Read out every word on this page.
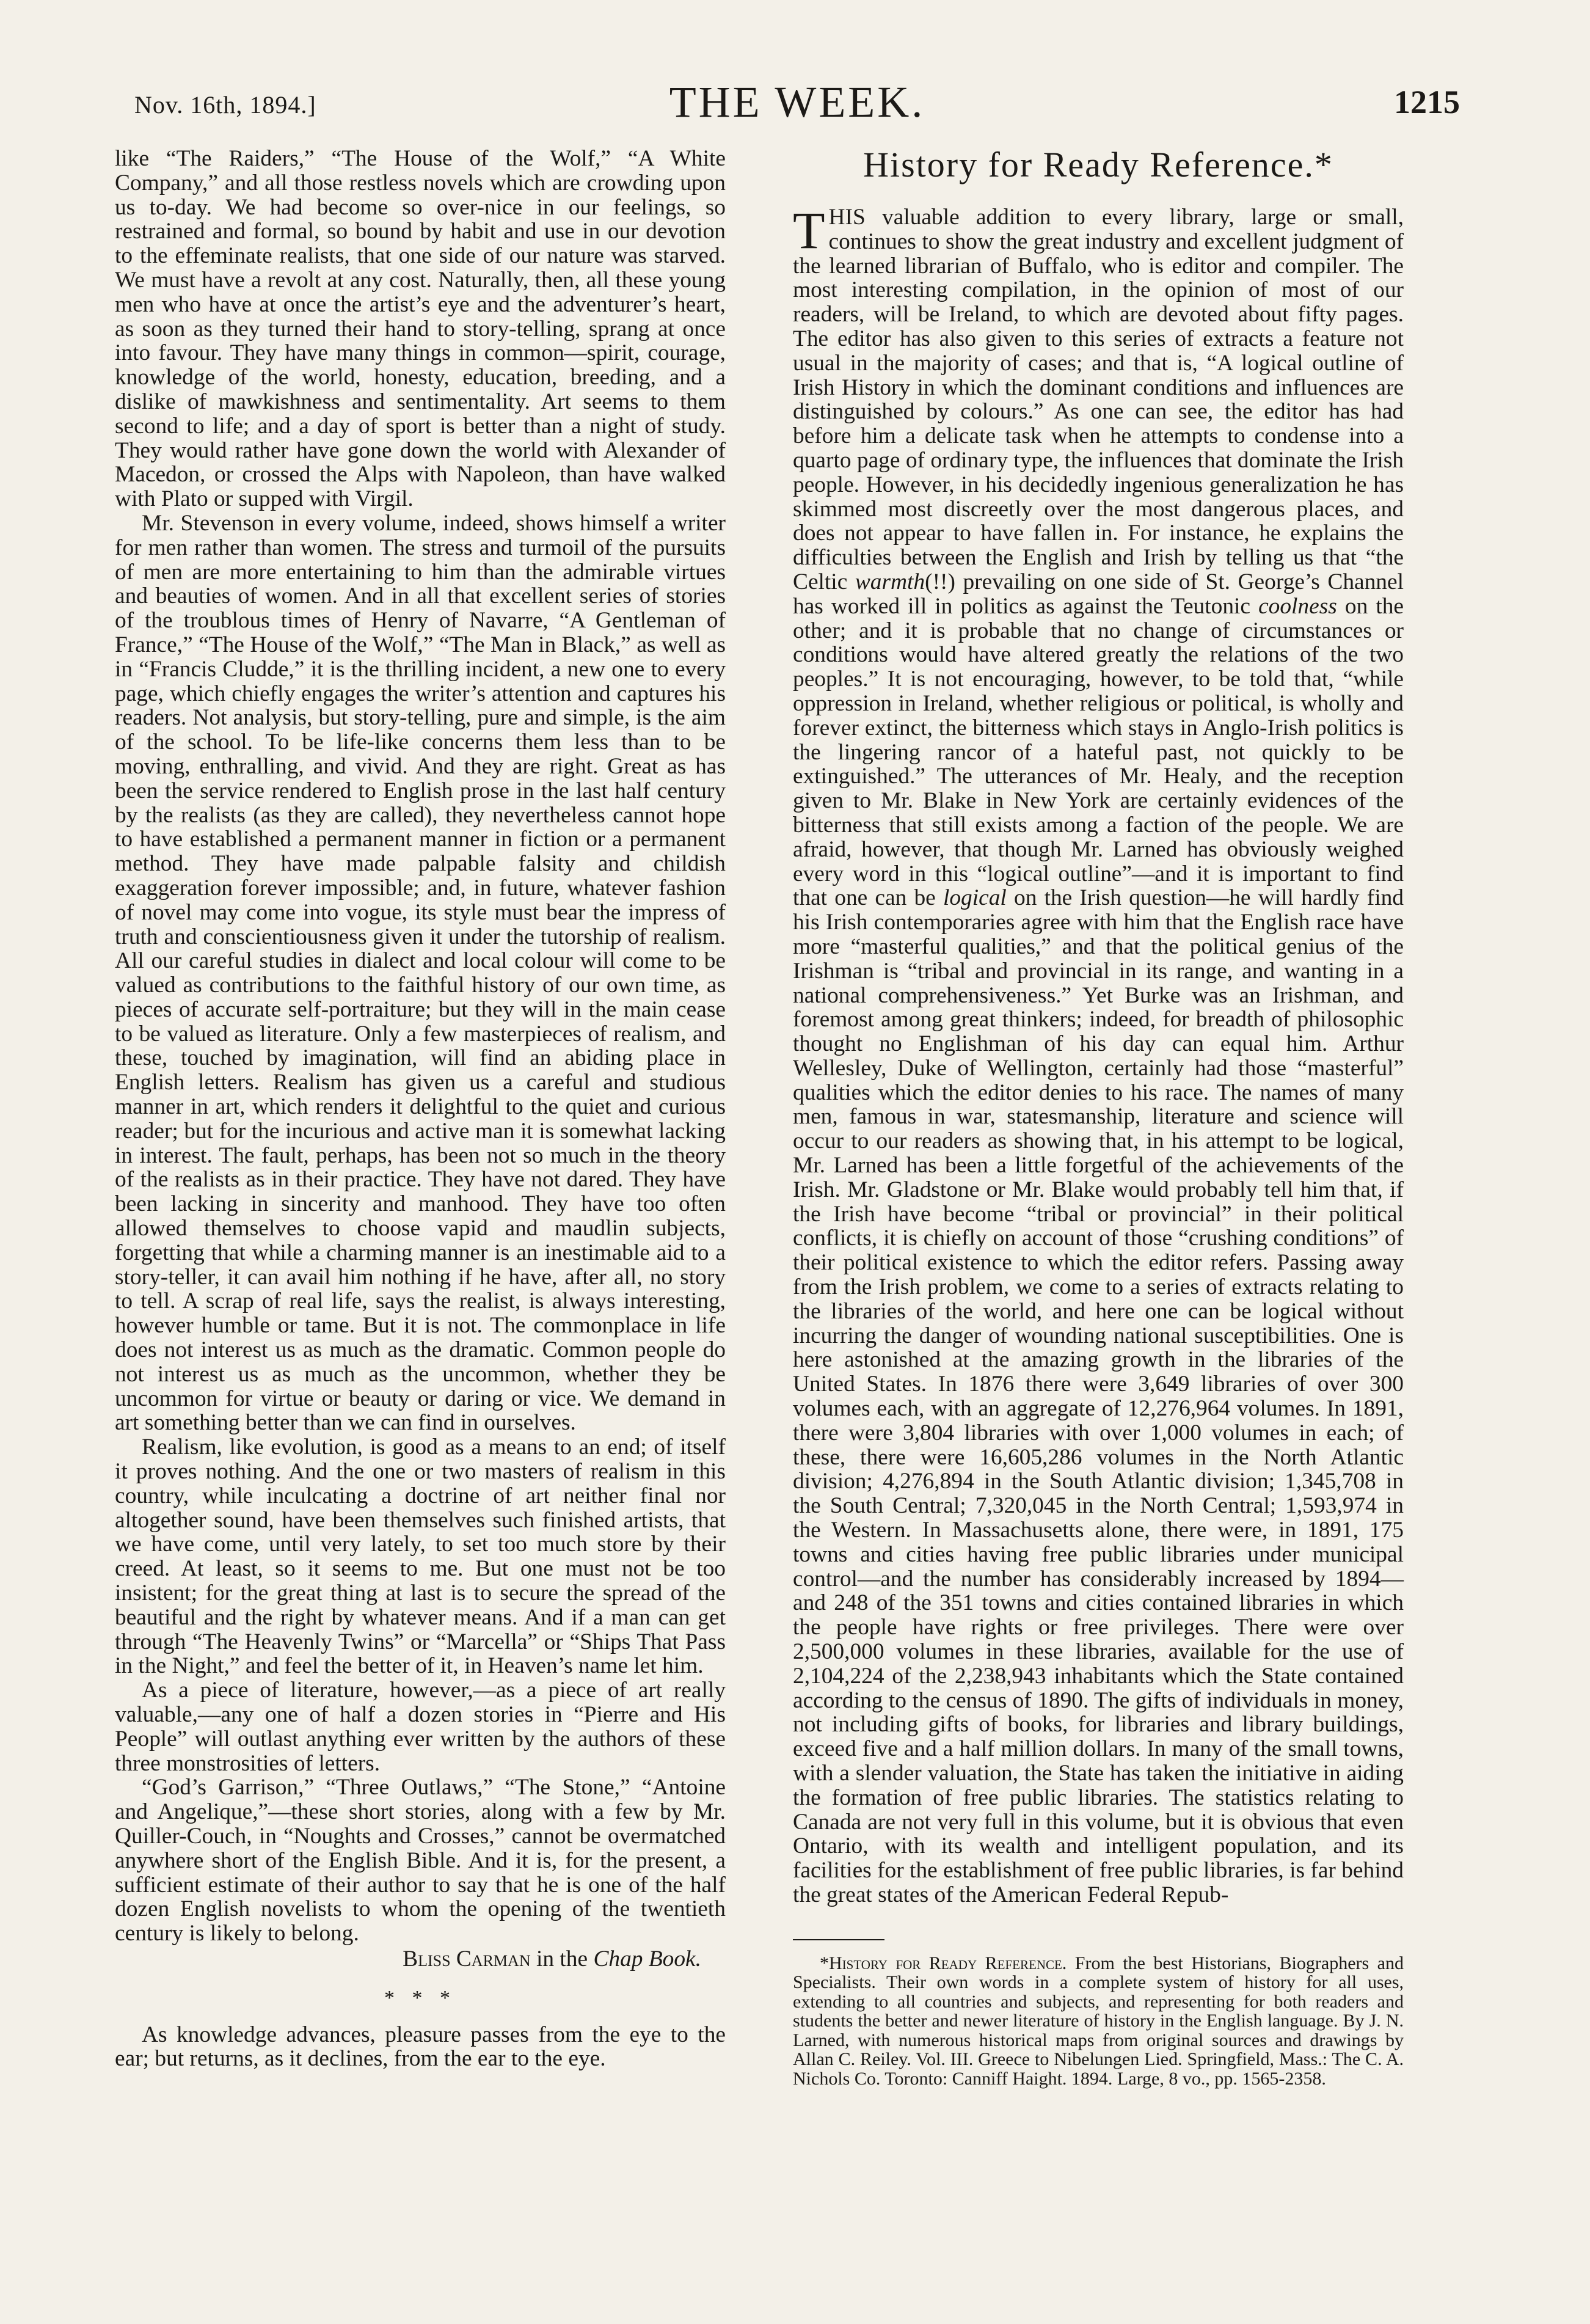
Nov. 16th, 1894.]	THE WEEK.	1215

like “The Raiders,” “The House of the Wolf,” “A White Company,” and all those restless novels which are crowding upon us to-day. We had become so over-nice in our feelings, so restrained and formal, so bound by habit and use in our devotion to the effeminate realists, that one side of our nature was starved. We must have a revolt at any cost. Naturally, then, all these young men who have at once the artist’s eye and the adventurer’s heart, as soon as they turned their hand to story-telling, sprang at once into favour. They have many things in common—spirit, courage, knowledge of the world, honesty, education, breeding, and a dislike of mawkishness and sentimentality. Art seems to them second to life; and a day of sport is better than a night of study. They would rather have gone down the world with Alexander of Macedon, or crossed the Alps with Napoleon, than have walked with Plato or supped with Virgil.

Mr. Stevenson in every volume, indeed, shows himself a writer for men rather than women. The stress and turmoil of the pursuits of men are more entertaining to him than the admirable virtues and beauties of women. And in all that excellent series of stories of the troublous times of Henry of Navarre, “A Gentleman of France,” “The House of the Wolf,” “The Man in Black,” as well as in “Francis Cludde,” it is the thrilling incident, a new one to every page, which chiefly engages the writer’s attention and captures his readers. Not analysis, but story-telling, pure and simple, is the aim of the school. To be life-like concerns them less than to be moving, enthralling, and vivid. And they are right. Great as has been the service rendered to English prose in the last half century by the realists (as they are called), they nevertheless cannot hope to have established a permanent manner in fiction or a permanent method. They have made palpable falsity and childish exaggeration forever impossible; and, in future, whatever fashion of novel may come into vogue, its style must bear the impress of truth and conscientiousness given it under the tutorship of realism. All our careful studies in dialect and local colour will come to be valued as contributions to the faithful history of our own time, as pieces of accurate self-portraiture; but they will in the main cease to be valued as literature. Only a few masterpieces of realism, and these, touched by imagination, will find an abiding place in English letters. Realism has given us a careful and studious manner in art, which renders it delightful to the quiet and curious reader; but for the incurious and active man it is somewhat lacking in interest. The fault, perhaps, has been not so much in the theory of the realists as in their practice. They have not dared. They have been lacking in sincerity and manhood. They have too often allowed themselves to choose vapid and maudlin subjects, forgetting that while a charming manner is an inestimable aid to a story-teller, it can avail him nothing if he have, after all, no story to tell. A scrap of real life, says the realist, is always interesting, however humble or tame. But it is not. The commonplace in life does not interest us as much as the dramatic. Common people do not interest us as much as the uncommon, whether they be uncommon for virtue or beauty or daring or vice. We demand in art something better than we can find in ourselves.

Realism, like evolution, is good as a means to an end; of itself it proves nothing. And the one or two masters of realism in this country, while inculcating a doctrine of art neither final nor altogether sound, have been themselves such finished artists, that we have come, until very lately, to set too much store by their creed. At least, so it seems to me. But one must not be too insistent; for the great thing at last is to secure the spread of the beautiful and the right by whatever means. And if a man can get through “The Heavenly Twins” or “Marcella” or “Ships That Pass in the Night,” and feel the better of it, in Heaven’s name let him.

As a piece of literature, however,—as a piece of art really valuable,—any one of half a dozen stories in “Pierre and His People” will outlast anything ever written by the authors of these three monstrosities of letters.

“God’s Garrison,” “Three Outlaws,” “The Stone,” “Antoine and Angelique,”—these short stories, along with a few by Mr. Quiller-Couch, in “Noughts and Crosses,” cannot be overmatched anywhere short of the English Bible. And it is, for the present, a sufficient estimate of their author to say that he is one of the half dozen English novelists to whom the opening of the twentieth century is likely to belong.

Bliss Carman in the Chap Book.

* * *

As knowledge advances, pleasure passes from the eye to the ear; but returns, as it declines, from the ear to the eye.

History for Ready Reference.*

THIS valuable addition to every library, large or small, continues to show the great industry and excellent judgment of the learned librarian of Buffalo, who is editor and compiler. The most interesting compilation, in the opinion of most of our readers, will be Ireland, to which are devoted about fifty pages. The editor has also given to this series of extracts a feature not usual in the majority of cases; and that is, “A logical outline of Irish History in which the dominant conditions and influences are distinguished by colours.” As one can see, the editor has had before him a delicate task when he attempts to condense into a quarto page of ordinary type, the influences that dominate the Irish people. However, in his decidedly ingenious generalization he has skimmed most discreetly over the most dangerous places, and does not appear to have fallen in. For instance, he explains the difficulties between the English and Irish by telling us that “the Celtic warmth(!!) prevailing on one side of St. George’s Channel has worked ill in politics as against the Teutonic coolness on the other; and it is probable that no change of circumstances or conditions would have altered greatly the relations of the two peoples.” It is not encouraging, however, to be told that, “while oppression in Ireland, whether religious or political, is wholly and forever extinct, the bitterness which stays in Anglo-Irish politics is the lingering rancor of a hateful past, not quickly to be extinguished.” The utterances of Mr. Healy, and the reception given to Mr. Blake in New York are certainly evidences of the bitterness that still exists among a faction of the people. We are afraid, however, that though Mr. Larned has obviously weighed every word in this “logical outline”—and it is important to find that one can be logical on the Irish question—he will hardly find his Irish contemporaries agree with him that the English race have more “masterful qualities,” and that the political genius of the Irishman is “tribal and provincial in its range, and wanting in a national comprehensiveness.” Yet Burke was an Irishman, and foremost among great thinkers; indeed, for breadth of philosophic thought no Englishman of his day can equal him. Arthur Wellesley, Duke of Wellington, certainly had those “masterful” qualities which the editor denies to his race. The names of many men, famous in war, statesmanship, literature and science will occur to our readers as showing that, in his attempt to be logical, Mr. Larned has been a little forgetful of the achievements of the Irish. Mr. Gladstone or Mr. Blake would probably tell him that, if the Irish have become “tribal or provincial” in their political conflicts, it is chiefly on account of those “crushing conditions” of their political existence to which the editor refers. Passing away from the Irish problem, we come to a series of extracts relating to the libraries of the world, and here one can be logical without incurring the danger of wounding national susceptibilities. One is here astonished at the amazing growth in the libraries of the United States. In 1876 there were 3,649 libraries of over 300 volumes each, with an aggregate of 12,276,964 volumes. In 1891, there were 3,804 libraries with over 1,000 volumes in each; of these, there were 16,605,286 volumes in the North Atlantic division; 4,276,894 in the South Atlantic division; 1,345,708 in the South Central; 7,320,045 in the North Central; 1,593,974 in the Western. In Massachusetts alone, there were, in 1891, 175 towns and cities having free public libraries under municipal control—and the number has considerably increased by 1894—and 248 of the 351 towns and cities contained libraries in which the people have rights or free privileges. There were over 2,500,000 volumes in these libraries, available for the use of 2,104,224 of the 2,238,943 inhabitants which the State contained according to the census of 1890. The gifts of individuals in money, not including gifts of books, for libraries and library buildings, exceed five and a half million dollars. In many of the small towns, with a slender valuation, the State has taken the initiative in aiding the formation of free public libraries. The statistics relating to Canada are not very full in this volume, but it is obvious that even Ontario, with its wealth and intelligent population, and its facilities for the establishment of free public libraries, is far behind the great states of the American Federal Repub-

*History for Ready Reference. From the best Historians, Biographers and Specialists. Their own words in a complete system of history for all uses, extending to all countries and subjects, and representing for both readers and students the better and newer literature of history in the English language. By J. N. Larned, with numerous historical maps from original sources and drawings by Allan C. Reiley. Vol. III. Greece to Nibelungen Lied. Springfield, Mass.: The C. A. Nichols Co. Toronto: Canniff Haight. 1894. Large, 8 vo., pp. 1565-2358.
